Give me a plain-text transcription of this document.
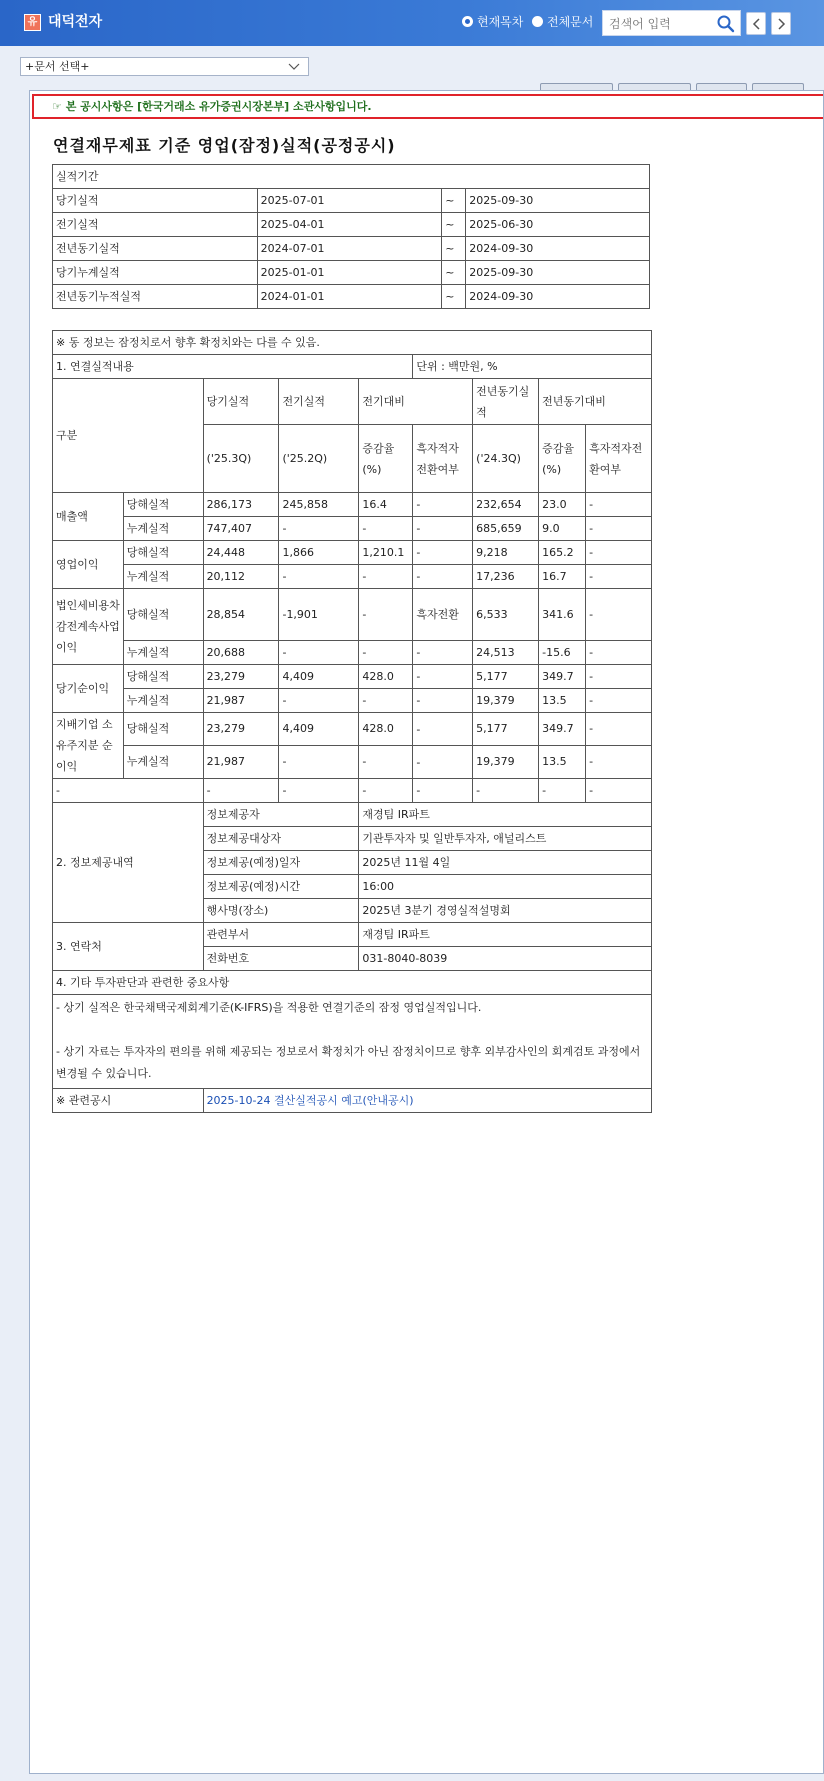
유 대덕전자	현재목차 전체문서
검색어 입력
+문서 선택+
☞ 본 공시사항은 [한국거래소 유가증권시장본부] 소관사항입니다.
연결재무제표 기준 영업(잠정)실적(공정공시)
실적기간			
당기실적	2025-07-01	~	2025-09-30
전기실적	2025-04-01	~	2025-06-30
전년동기실적	2024-07-01	~	2024-09-30
당기누계실적	2025-01-01	~	2025-09-30
전년동기누적실적	2024-01-01	~	2024-09-30
※ 동 정보는 잠정치로서 향후 확정치와는 다를 수 있음.								
1. 연결실적내용					단위 : 백만원, %			
구분		당기실적	전기실적	전기대비		전년동기실적	전년동기대비	
		('25.3Q)	('25.2Q)	증감율(%)	흑자적자전환여부	('24.3Q)	증감율(%)	흑자적자전환여부
매출액	당해실적	286,173	245,858	16.4	-	232,654	23.0	-
	누계실적	747,407	-	-	-	685,659	9.0	-
영업이익	당해실적	24,448	1,866	1,210.1	-	9,218	165.2	-
	누계실적	20,112	-	-	-	17,236	16.7	-
법인세비용차감전계속사업이익	당해실적	28,854	-1,901	-	흑자전환	6,533	341.6	-
	누계실적	20,688	-	-	-	24,513	-15.6	-
당기순이익	당해실적	23,279	4,409	428.0	-	5,177	349.7	-
	누계실적	21,987	-	-	-	19,379	13.5	-
지배기업 소유주지분 순이익	당해실적	23,279	4,409	428.0	-	5,177	349.7	-
	누계실적	21,987	-	-	-	19,379	13.5	-
-		-	-	-	-	-	-	-
2. 정보제공내역		정보제공자		재경팀 IR파트				
		정보제공대상자		기관투자자 및 일반투자자, 애널리스트				
		정보제공(예정)일자		2025년 11월 4일				
		정보제공(예정)시간		16:00				
		행사명(장소)		2025년 3분기 경영실적설명회				
3. 연락처		관련부서		재경팀 IR파트				
		전화번호		031-8040-8039				
4. 기타 투자판단과 관련한 중요사항								

- 상기 실적은 한국채택국제회계기준(K-IFRS)을 적용한 연결기준의 잠정 영업실적입니다.
- 상기 자료는 투자자의 편의를 위해 제공되는 정보로서 확정치가 아닌 잠정치이므로 향후 외부감사인의 회계검토 과정에서 변경될 수 있습니다.								

※ 관련공시		2025-10-24 결산실적공시 예고(안내공시)						
